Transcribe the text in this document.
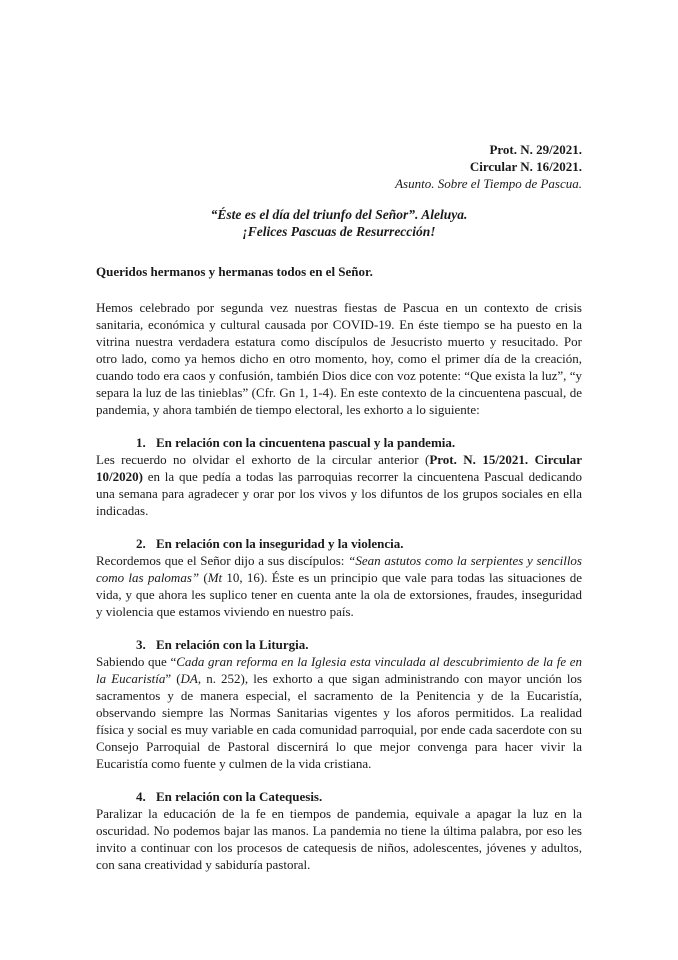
Prot. N. 29/2021.
Circular N. 16/2021.
Asunto. Sobre el Tiempo de Pascua.
“Éste es el día del triunfo del Señor”. Aleluya.
¡Felices Pascuas de Resurrección!
Queridos hermanos y hermanas todos en el Señor.

Hemos celebrado por segunda vez nuestras fiestas de Pascua en un contexto de crisis sanitaria, económica y cultural causada por COVID-19. En éste tiempo se ha puesto en la vitrina nuestra verdadera estatura como discípulos de Jesucristo muerto y resucitado. Por otro lado, como ya hemos dicho en otro momento, hoy, como el primer día de la creación, cuando todo era caos y confusión, también Dios dice con voz potente: “Que exista la luz”, “y separa la luz de las tinieblas” (Cfr. Gn 1, 1-4). En este contexto de la cincuentena pascual, de pandemia, y ahora también de tiempo electoral, les exhorto a lo siguiente:

1. En relación con la cincuentena pascual y la pandemia.

Les recuerdo no olvidar el exhorto de la circular anterior (Prot. N. 15/2021. Circular 10/2020) en la que pedía a todas las parroquias recorrer la cincuentena Pascual dedicando una semana para agradecer y orar por los vivos y los difuntos de los grupos sociales en ella indicadas.

2. En relación con la inseguridad y la violencia.

Recordemos que el Señor dijo a sus discípulos: “Sean astutos como la serpientes y sencillos como las palomas” (Mt 10, 16). Éste es un principio que vale para todas las situaciones de vida, y que ahora les suplico tener en cuenta ante la ola de extorsiones, fraudes, inseguridad y violencia que estamos viviendo en nuestro país.

3. En relación con la Liturgia.

Sabiendo que “Cada gran reforma en la Iglesia esta vinculada al descubrimiento de la fe en la Eucaristía” (DA, n. 252), les exhorto a que sigan administrando con mayor unción los sacramentos y de manera especial, el sacramento de la Penitencia y de la Eucaristía, observando siempre las Normas Sanitarias vigentes y los aforos permitidos. La realidad física y social es muy variable en cada comunidad parroquial, por ende cada sacerdote con su Consejo Parroquial de Pastoral discernirá lo que mejor convenga para hacer vivir la Eucaristía como fuente y culmen de la vida cristiana.

4. En relación con la Catequesis.

Paralizar la educación de la fe en tiempos de pandemia, equivale a apagar la luz en la oscuridad. No podemos bajar las manos. La pandemia no tiene la última palabra, por eso les invito a continuar con los procesos de catequesis de niños, adolescentes, jóvenes y adultos, con sana creatividad y sabiduría pastoral.
